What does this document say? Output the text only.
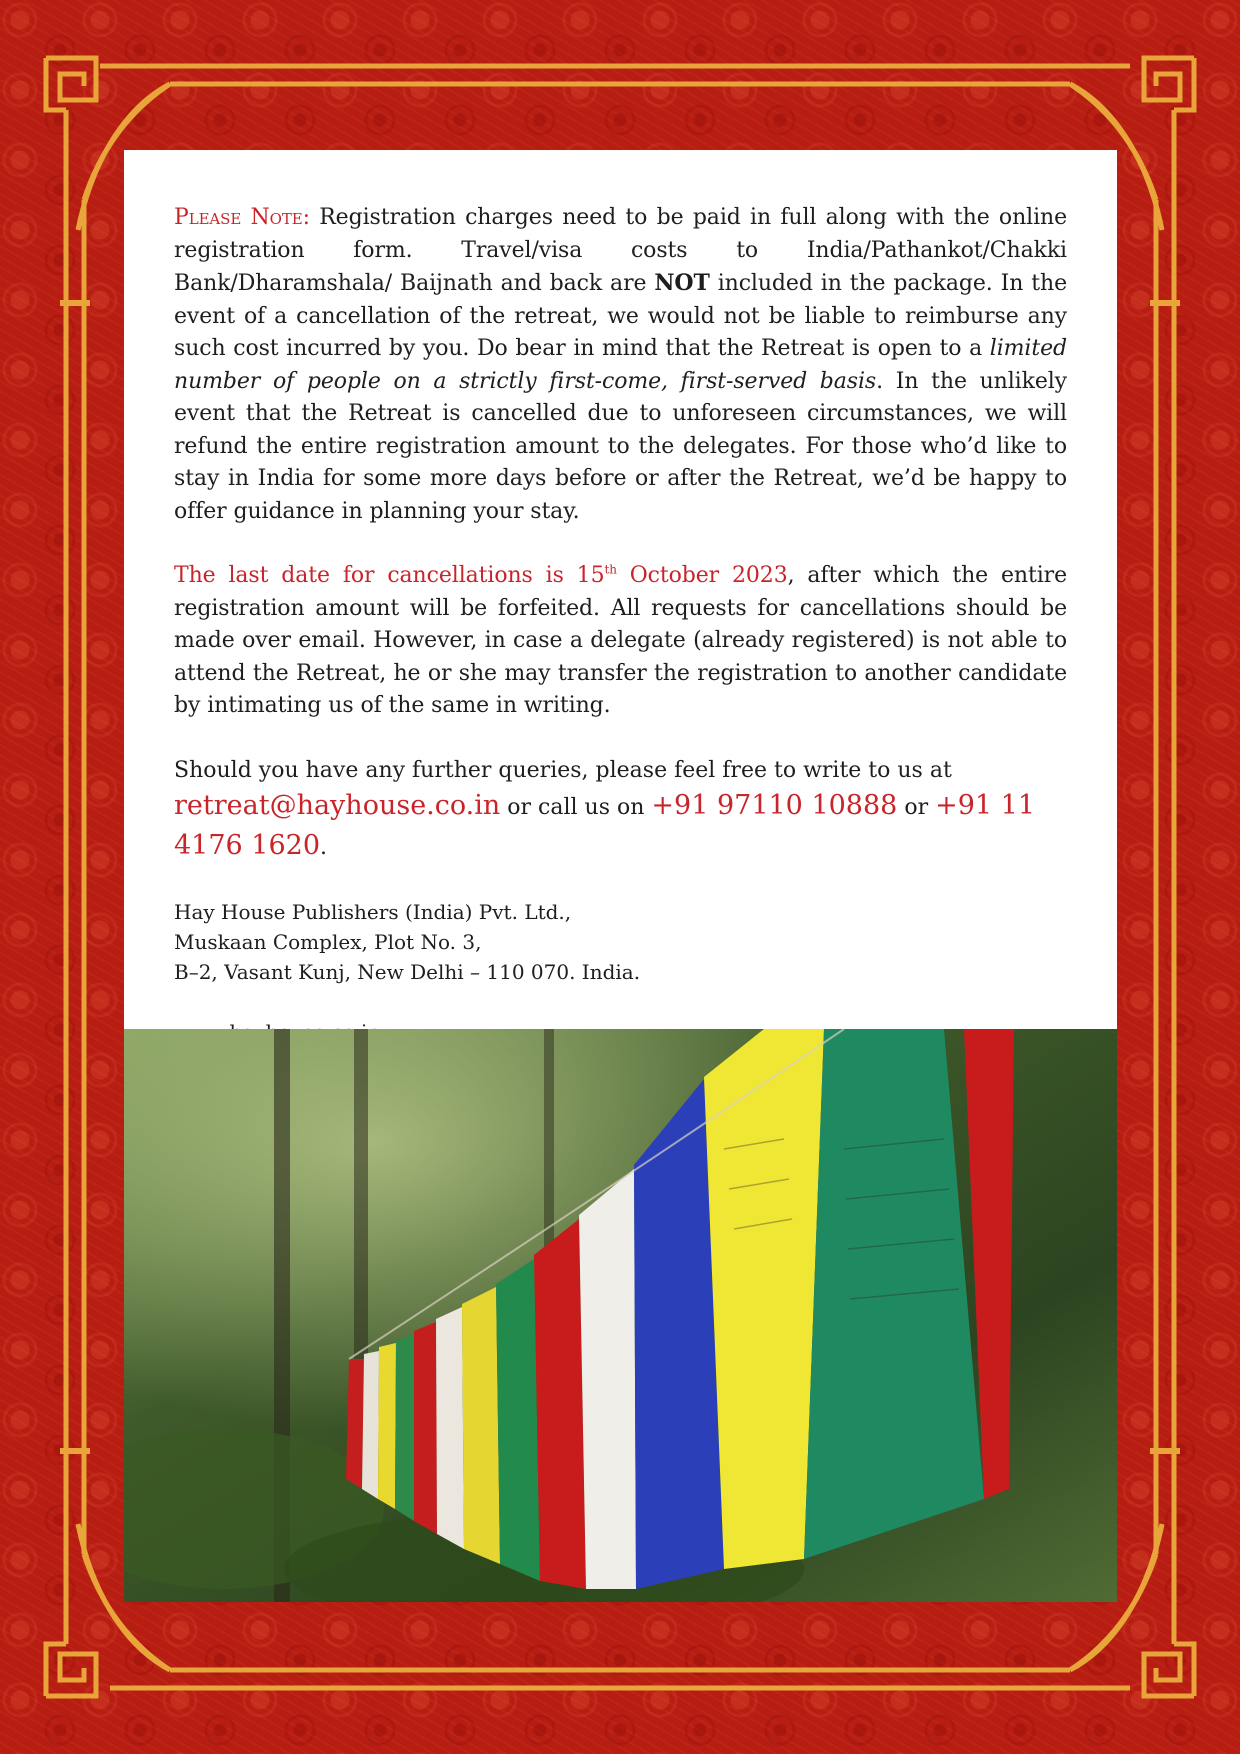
Please Note: Registration charges need to be paid in full along with the online registration form. Travel/visa costs to India/Pathankot/Chakki Bank/Dharamshala/ Baijnath and back are NOT included in the package. In the event of a cancellation of the retreat, we would not be liable to reimburse any such cost incurred by you. Do bear in mind that the Retreat is open to a limited number of people on a strictly first-come, first-served basis. In the unlikely event that the Retreat is cancelled due to unforeseen circumstances, we will refund the entire registration amount to the delegates. For those who’d like to stay in India for some more days before or after the Retreat, we’d be happy to offer guidance in planning your stay.

The last date for cancellations is 15th October 2023, after which the entire registration amount will be forfeited. All requests for cancellations should be made over email. However, in case a delegate (already registered) is not able to attend the Retreat, he or she may transfer the registration to another candidate by intimating us of the same in writing.

Should you have any further queries, please feel free to write to us at

retreat@hayhouse.co.in or call us on +91 97110 10888 or +91 11 4176 1620.

Hay House Publishers (India) Pvt. Ltd.,

Muskaan Complex, Plot No. 3,

B–2, Vasant Kunj, New Delhi – 110 070. India.
